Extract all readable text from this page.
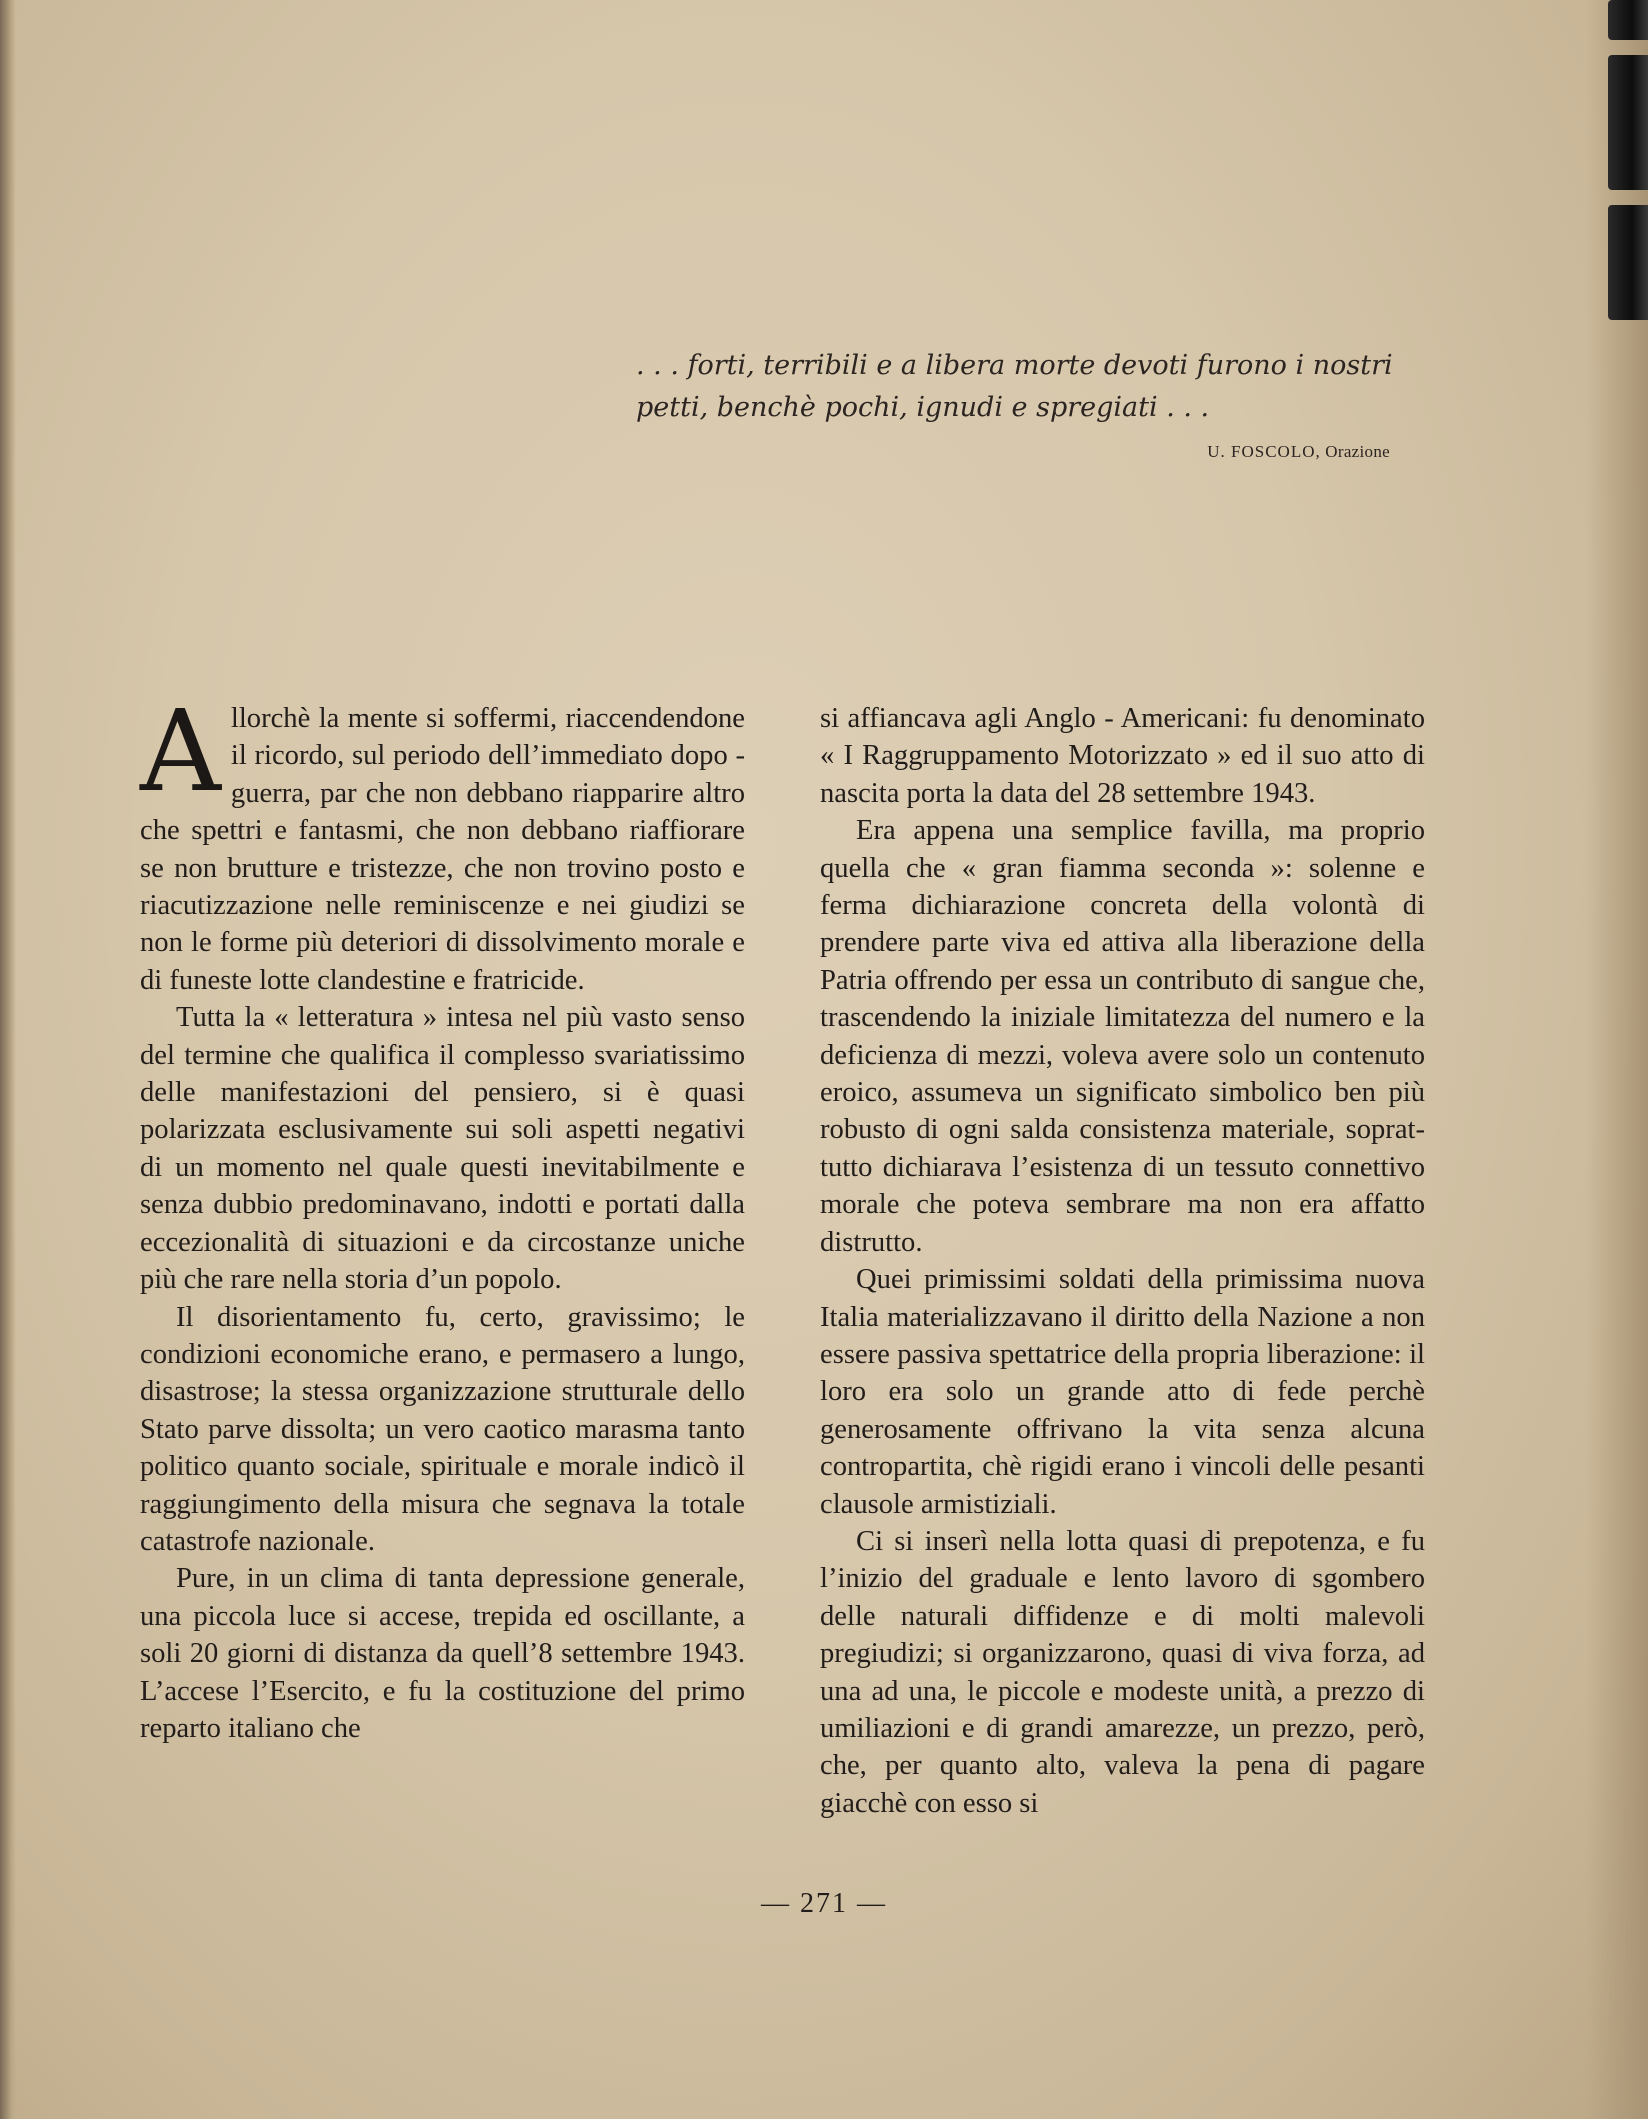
. . . forti, terribili e a libera morte devoti furono i nostri
petti, benchè pochi, ignudi e spregiati . . .
U. FOSCOLO, Orazione

Allorchè la mente si soffermi, riaccendendone il ricordo, sul periodo dell’immediato dopo - guerra, par che non debbano riapparire altro che spettri e fantasmi, che non debbano riaffiorare se non brutture e tristezze, che non trovino posto e riacutizzazione nelle reminiscenze e nei giudizi se non le forme più deteriori di dissolvimento morale e di funeste lotte clandestine e fratricide.

Tutta la « letteratura » intesa nel più vasto senso del termine che qualifica il complesso svariatissimo delle manifestazioni del pensiero, si è quasi polarizzata esclusivamente sui soli aspetti negativi di un momento nel quale questi inevitabilmente e senza dubbio predominavano, indotti e portati dalla eccezionalità di situazioni e da circostanze uniche più che rare nella storia d’un popolo.

Il disorientamento fu, certo, gravissimo; le condizioni economiche erano, e permasero a lungo, disastrose; la stessa organizzazione strutturale dello Stato parve dissolta; un vero caotico marasma tanto politico quanto sociale, spirituale e morale indicò il raggiungimento della misura che segnava la totale catastrofe nazionale.

Pure, in un clima di tanta depressione generale, una piccola luce si accese, trepida ed oscillante, a soli 20 giorni di distanza da quell’8 settembre 1943. L’accese l’Esercito, e fu la costituzione del primo reparto italiano che

si affiancava agli Anglo - Americani: fu denominato « I Raggruppamento Motorizzato » ed il suo atto di nascita porta la data del 28 settembre 1943.

Era appena una semplice favilla, ma proprio quella che « gran fiamma seconda »: solenne e ferma dichiarazione concreta della volontà di prendere parte viva ed attiva alla liberazione della Patria offrendo per essa un contributo di sangue che, trascendendo la iniziale limitatezza del numero e la deficienza di mezzi, voleva avere solo un contenuto eroico, assumeva un significato simbolico ben più robusto di ogni salda consistenza materiale, soprattutto dichiarava l’esistenza di un tessuto connettivo morale che poteva sembrare ma non era affatto distrutto.

Quei primissimi soldati della primissima nuova Italia materializzavano il diritto della Nazione a non essere passiva spettatrice della propria liberazione: il loro era solo un grande atto di fede perchè generosamente offrivano la vita senza alcuna contropartita, chè rigidi erano i vincoli delle pesanti clausole armistiziali.

Ci si inserì nella lotta quasi di prepotenza, e fu l’inizio del graduale e lento lavoro di sgombero delle naturali diffidenze e di molti malevoli pregiudizi; si organizzarono, quasi di viva forza, ad una ad una, le piccole e modeste unità, a prezzo di umiliazioni e di grandi amarezze, un prezzo, però, che, per quanto alto, valeva la pena di pagare giacchè con esso si

— 271 —
